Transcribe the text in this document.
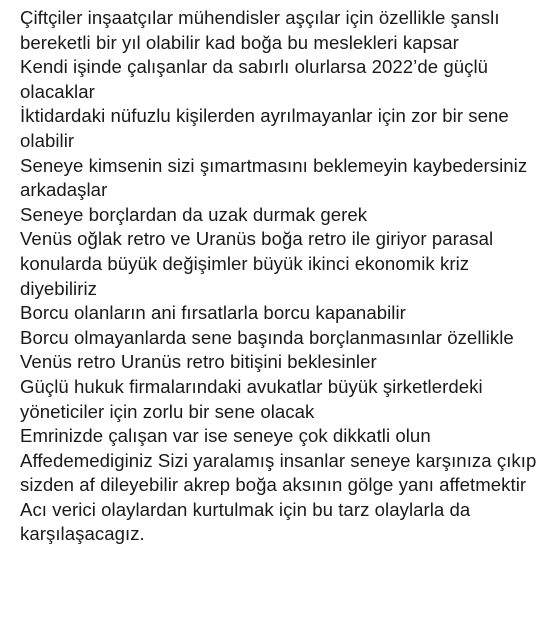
Çiftçiler inşaatçılar mühendisler aşçılar için özellikle şanslı
bereketli bir yıl olabilir kad boğa bu meslekleri kapsar
Kendi işinde çalışanlar da sabırlı olurlarsa 2022’de güçlü
olacaklar
İktidardaki nüfuzlu kişilerden ayrılmayanlar için zor bir sene
olabilir
Seneye kimsenin sizi şımartmasını beklemeyin kaybedersiniz
arkadaşlar
Seneye borçlardan da uzak durmak gerek
Venüs oğlak retro ve Uranüs boğa retro ile giriyor parasal
konularda büyük değişimler büyük ikinci ekonomik kriz
diyebiliriz
Borcu olanların ani fırsatlarla borcu kapanabilir
Borcu olmayanlarda sene başında borçlanmasınlar özellikle
Venüs retro Uranüs retro bitişini beklesinler
Güçlü hukuk firmalarındaki avukatlar büyük şirketlerdeki
yöneticiler için zorlu bir sene olacak
Emrinizde çalışan var ise seneye çok dikkatli olun
Affedemediginiz Sizi yaralamış insanlar seneye karşınıza çıkıp
sizden af dileyebilir akrep boğa aksının gölge yanı affetmektir
Acı verici olaylardan kurtulmak için bu tarz olaylarla da
karşılaşacagız.
